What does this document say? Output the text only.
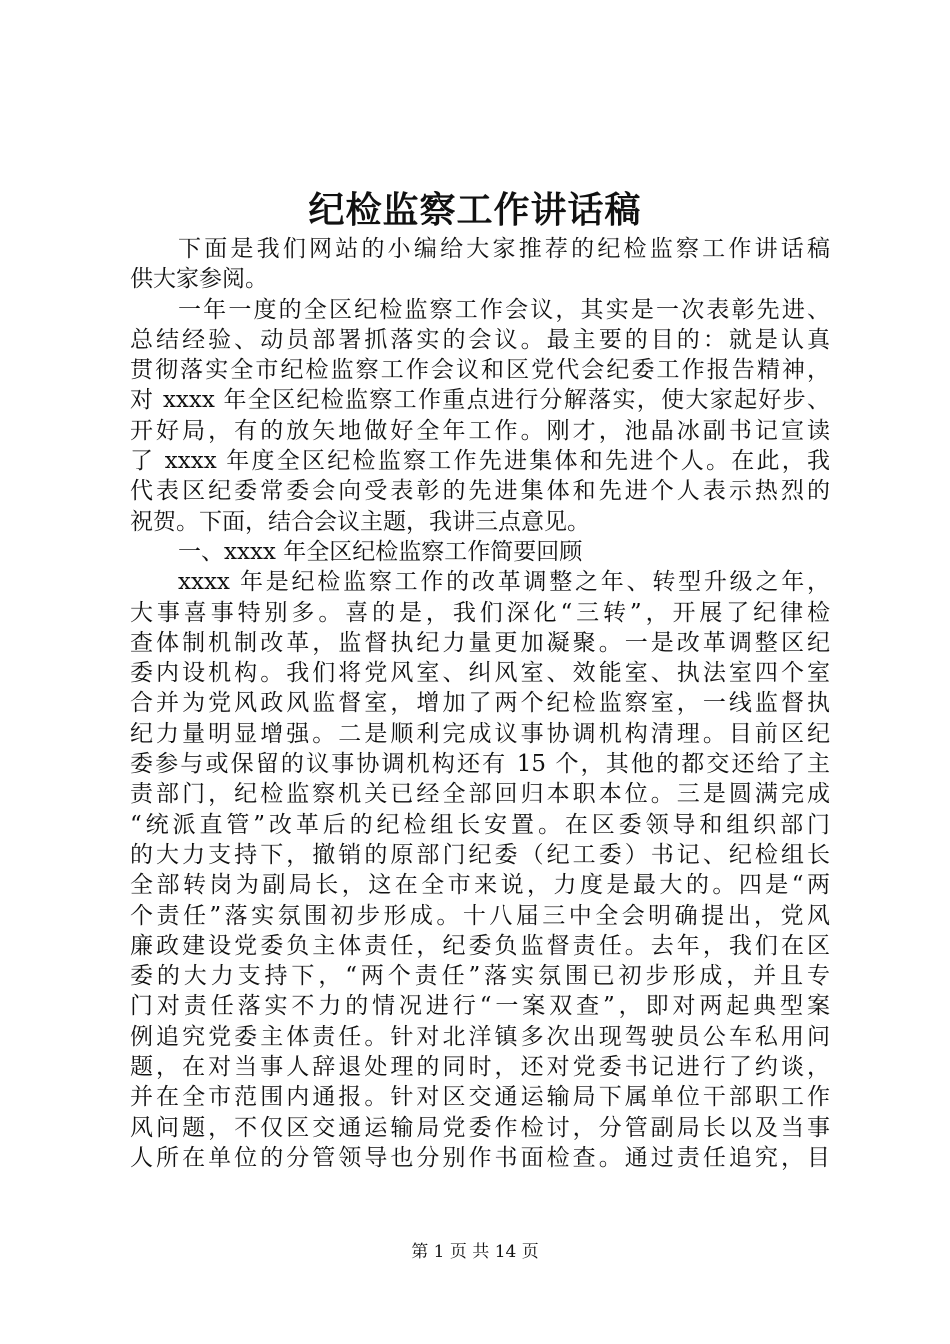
纪检监察工作讲话稿
下面是我们网站的小编给大家推荐的纪检监察工作讲话稿
供大家参阅。
一年一度的全区纪检监察工作会议，其实是一次表彰先进、
总结经验、动员部署抓落实的会议。最主要的目的：就是认真
贯彻落实全市纪检监察工作会议和区党代会纪委工作报告精神，
对 xxxx 年全区纪检监察工作重点进行分解落实，使大家起好步、
开好局，有的放矢地做好全年工作。刚才，池晶冰副书记宣读
了 xxxx 年度全区纪检监察工作先进集体和先进个人。在此，我
代表区纪委常委会向受表彰的先进集体和先进个人表示热烈的
祝贺。下面，结合会议主题，我讲三点意见。
一、xxxx 年全区纪检监察工作简要回顾
xxxx 年是纪检监察工作的改革调整之年、转型升级之年，
大事喜事特别多。喜的是，我们深化“三转”，开展了纪律检
查体制机制改革，监督执纪力量更加凝聚。一是改革调整区纪
委内设机构。我们将党风室、纠风室、效能室、执法室四个室
合并为党风政风监督室，增加了两个纪检监察室，一线监督执
纪力量明显增强。二是顺利完成议事协调机构清理。目前区纪
委参与或保留的议事协调机构还有 15 个，其他的都交还给了主
责部门，纪检监察机关已经全部回归本职本位。三是圆满完成
“统派直管”改革后的纪检组长安置。在区委领导和组织部门
的大力支持下，撤销的原部门纪委（纪工委）书记、纪检组长
全部转岗为副局长，这在全市来说，力度是最大的。四是“两
个责任”落实氛围初步形成。十八届三中全会明确提出，党风
廉政建设党委负主体责任，纪委负监督责任。去年，我们在区
委的大力支持下，“两个责任”落实氛围已初步形成，并且专
门对责任落实不力的情况进行“一案双查”，即对两起典型案
例追究党委主体责任。针对北洋镇多次出现驾驶员公车私用问
题，在对当事人辞退处理的同时，还对党委书记进行了约谈，
并在全市范围内通报。针对区交通运输局下属单位干部职工作
风问题，不仅区交通运输局党委作检讨，分管副局长以及当事
人所在单位的分管领导也分别作书面检查。通过责任追究，目
第 1 页 共 14 页
